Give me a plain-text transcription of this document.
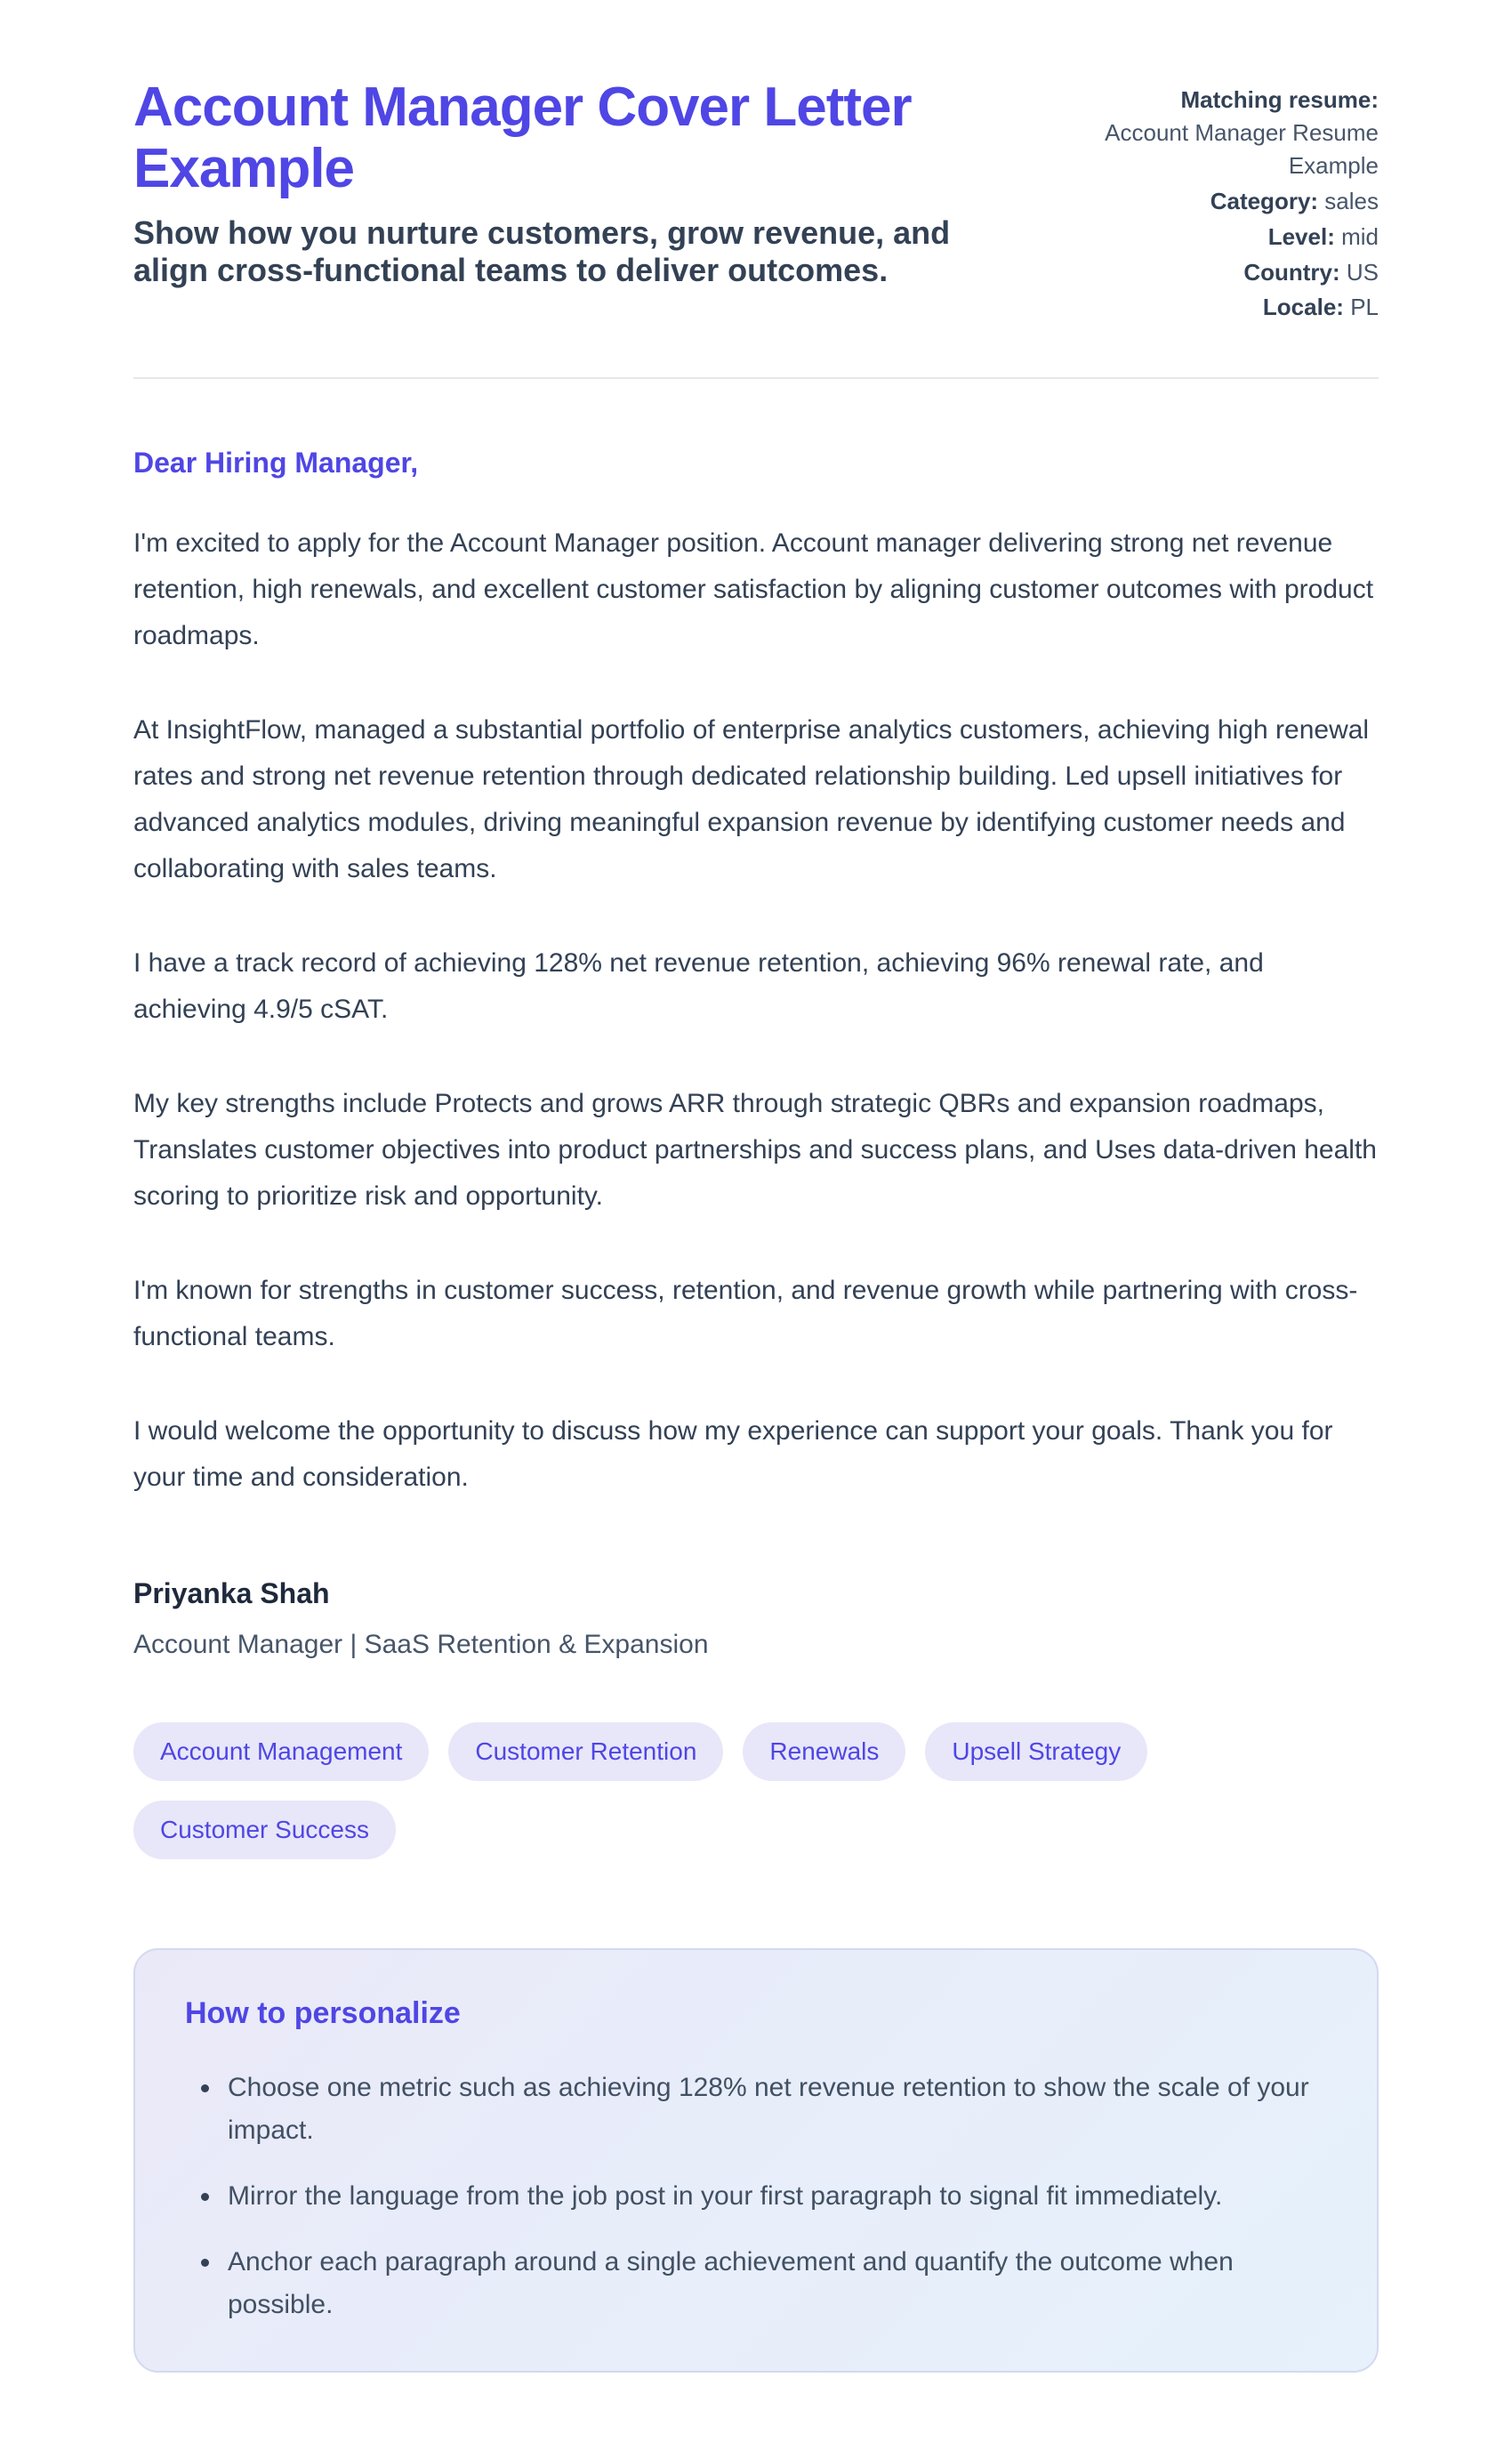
Account Manager Cover Letter Example

Show how you nurture customers, grow revenue, and align cross-functional teams to deliver outcomes.

Matching resume:
Account Manager Resume Example
Category: sales
Level: mid
Country: US
Locale: PL

Dear Hiring Manager,

I'm excited to apply for the Account Manager position. Account manager delivering strong net revenue retention, high renewals, and excellent customer satisfaction by aligning customer outcomes with product roadmaps.

At InsightFlow, managed a substantial portfolio of enterprise analytics customers, achieving high renewal rates and strong net revenue retention through dedicated relationship building. Led upsell initiatives for advanced analytics modules, driving meaningful expansion revenue by identifying customer needs and collaborating with sales teams.

I have a track record of achieving 128% net revenue retention, achieving 96% renewal rate, and achieving 4.9/5 cSAT.

My key strengths include Protects and grows ARR through strategic QBRs and expansion roadmaps, Translates customer objectives into product partnerships and success plans, and Uses data-driven health scoring to prioritize risk and opportunity.

I'm known for strengths in customer success, retention, and revenue growth while partnering with cross-functional teams.

I would welcome the opportunity to discuss how my experience can support your goals. Thank you for your time and consideration.

Priyanka Shah

Account Manager | SaaS Retention & Expansion

Account Management	Customer Retention	Renewals	Upsell Strategy
Customer Success
How to personalize
• Choose one metric such as achieving 128% net revenue retention to show the scale of your impact.
• Mirror the language from the job post in your first paragraph to signal fit immediately.
• Anchor each paragraph around a single achievement and quantify the outcome when possible.
